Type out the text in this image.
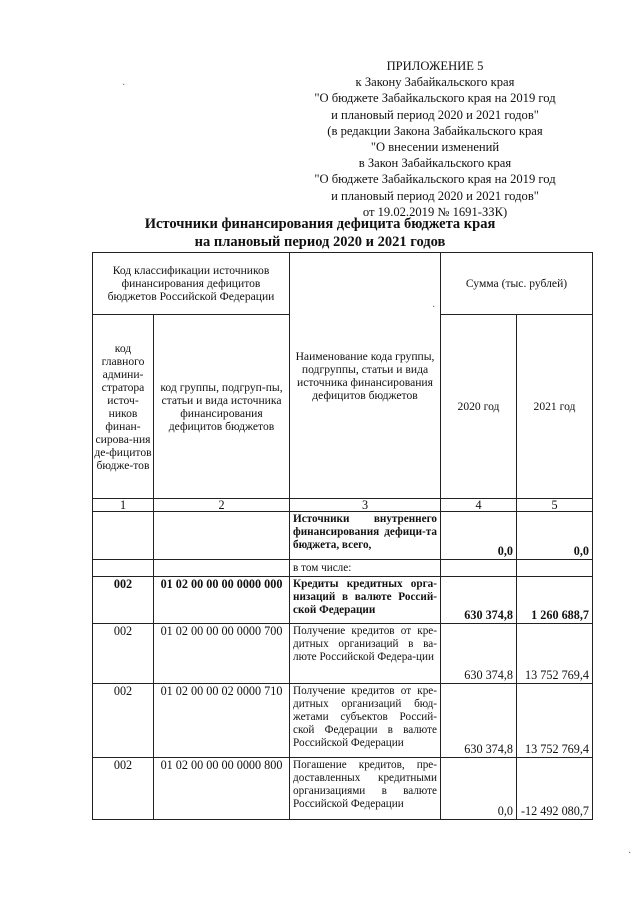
ПРИЛОЖЕНИЕ 5
к Закону Забайкальского края
"О бюджете Забайкальского края на 2019 год
и плановый период 2020 и 2021 годов"
(в редакции Закона Забайкальского края
"О внесении изменений
в Закон Забайкальского края
"О бюджете Забайкальского края на 2019 год
и плановый период 2020 и 2021 годов"
от 19.02.2019 № 1691-ЗЗК)
Источники финансирования дефицита бюджета края
на плановый период 2020 и 2021 годов
·
·
·
Код классификации источников финансирования дефицитов бюджетов Российской Федерации		Наименование кода группы, подгруппы, статьи и вида источника финансирования дефицитов бюджетов	Сумма (тыс. рублей)	
код главного админи-стратора источ-ников финан-сирова-ния де-фицитов бюдже-тов	код группы, подгруп-пы, статьи и вида источника финансирования дефицитов бюджетов		2020 год	2021 год
1	2	3	4	5
		Источники внутреннего финансирования дефици-та бюджета, всего,	0,0	0,0
		в том числе:		
002	01 02 00 00 00 0000 000	Кредиты кредитных орга-низаций в валюте Россий-ской Федерации	630 374,8	1 260 688,7
002	01 02 00 00 00 0000 700	Получение кредитов от кре-дитных организаций в ва-люте Российской Федера-ции	630 374,8	13 752 769,4
002	01 02 00 00 02 0000 710	Получение кредитов от кре-дитных организаций бюд-жетами субъектов Россий-ской Федерации в валюте Российской Федерации	630 374,8	13 752 769,4
002	01 02 00 00 00 0000 800	Погашение кредитов, пре-доставленных кредитными организациями в валюте Российской Федерации	0,0	-12 492 080,7
